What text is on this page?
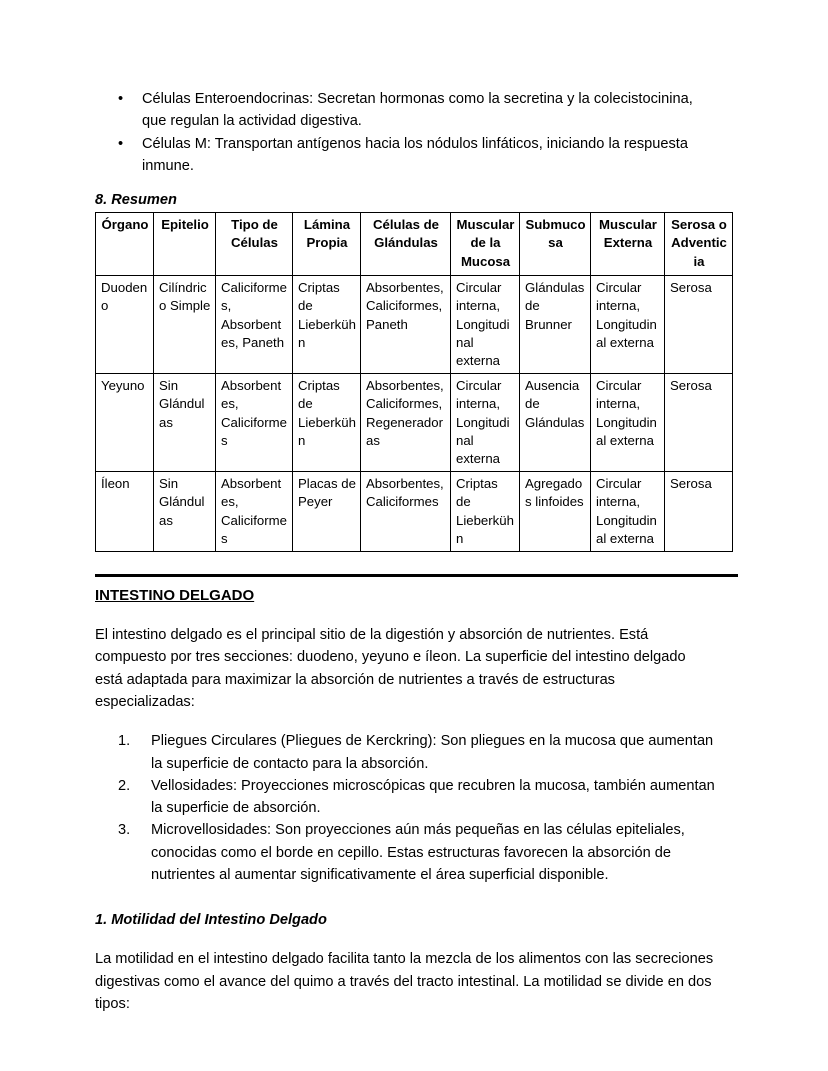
• Células Enteroendocrinas: Secretan hormonas como la secretina y la colecistocinina, que regulan la actividad digestiva.
• Células M: Transportan antígenos hacia los nódulos linfáticos, iniciando la respuesta inmune.
8. Resumen
Órgano	Epitelio	Tipo de Células	Lámina Propia	Células de Glándulas	Muscular de la Mucosa	Submucosa	Muscular Externa	Serosa o Adventicia
Duodeno	Cilíndrico Simple	Caliciformes, Absorbentes, Paneth	Criptas de Lieberkühn	Absorbentes, Caliciformes, Paneth	Circular interna, Longitudinal externa	Glándulas de Brunner	Circular interna, Longitudinal externa	Serosa
Yeyuno	Sin Glándulas	Absorbentes, Caliciformes	Criptas de Lieberkühn	Absorbentes, Caliciformes, Regeneradoras	Circular interna, Longitudinal externa	Ausencia de Glándulas	Circular interna, Longitudinal externa	Serosa
Íleon	Sin Glándulas	Absorbentes, Caliciformes	Placas de Peyer	Absorbentes, Caliciformes	Criptas de Lieberkühn	Agregados linfoides	Circular interna, Longitudinal externa	Serosa
INTESTINO DELGADO

El intestino delgado es el principal sitio de la digestión y absorción de nutrientes. Está compuesto por tres secciones: duodeno, yeyuno e íleon. La superficie del intestino delgado está adaptada para maximizar la absorción de nutrientes a través de estructuras especializadas:

1.	Pliegues Circulares (Pliegues de Kerckring): Son pliegues en la mucosa que aumentan la superficie de contacto para la absorción.
2.	Vellosidades: Proyecciones microscópicas que recubren la mucosa, también aumentan la superficie de absorción.
3.	Microvellosidades: Son proyecciones aún más pequeñas en las células epiteliales, conocidas como el borde en cepillo. Estas estructuras favorecen la absorción de nutrientes al aumentar significativamente el área superficial disponible.
1. Motilidad del Intestino Delgado

La motilidad en el intestino delgado facilita tanto la mezcla de los alimentos con las secreciones digestivas como el avance del quimo a través del tracto intestinal. La motilidad se divide en dos tipos:
